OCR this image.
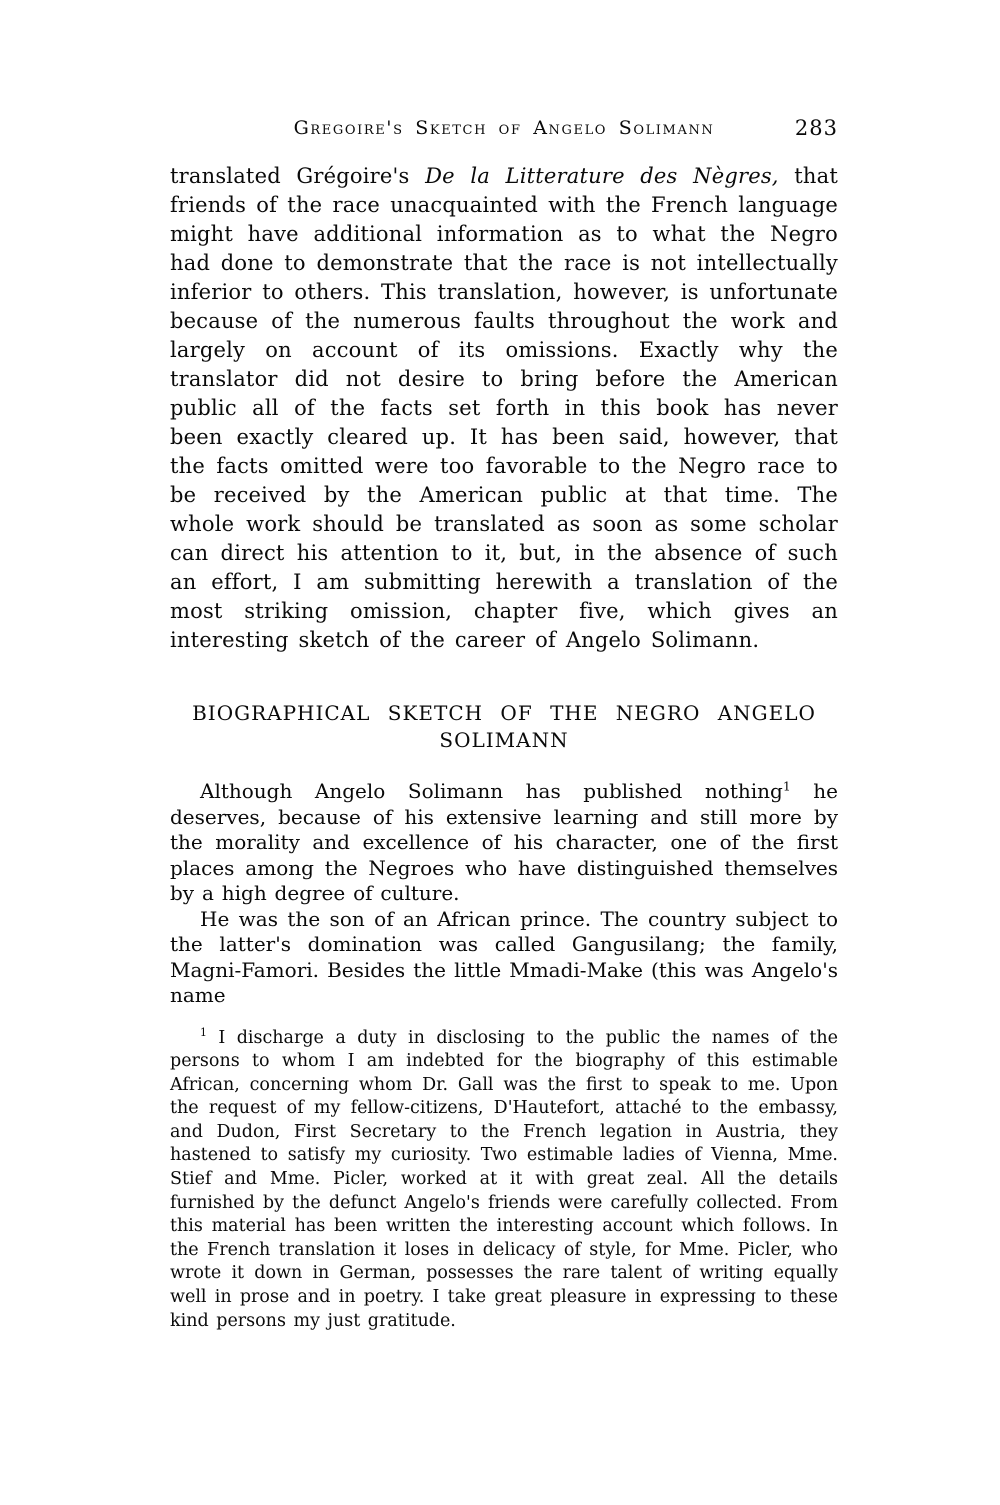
Gregoire's Sketch of Angelo Solimann	283

translated Grégoire's De la Litterature des Nègres, that friends of the race unacquainted with the French language might have additional information as to what the Negro had done to demonstrate that the race is not intellectually inferior to others. This translation, however, is unfortunate because of the numerous faults throughout the work and largely on account of its omissions. Exactly why the translator did not desire to bring before the American public all of the facts set forth in this book has never been exactly cleared up. It has been said, however, that the facts omitted were too favorable to the Negro race to be received by the American public at that time. The whole work should be translated as soon as some scholar can direct his attention to it, but, in the absence of such an effort, I am submitting herewith a translation of the most striking omission, chapter five, which gives an interesting sketch of the career of Angelo Solimann.

BIOGRAPHICAL SKETCH OF THE NEGRO ANGELO
SOLIMANN

Although Angelo Solimann has published nothing$^1$ he deserves, because of his extensive learning and still more by the morality and excellence of his character, one of the first places among the Negroes who have distinguished themselves by a high degree of culture.

He was the son of an African prince. The country subject to the latter's domination was called Gangusilang; the family, Magni-Famori. Besides the little Mmadi-Make (this was Angelo's name

$^1$ I discharge a duty in disclosing to the public the names of the persons to whom I am indebted for the biography of this estimable African, concerning whom Dr. Gall was the first to speak to me. Upon the request of my fellow-citizens, D'Hautefort, attaché to the embassy, and Dudon, First Secretary to the French legation in Austria, they hastened to satisfy my curiosity. Two estimable ladies of Vienna, Mme. Stief and Mme. Picler, worked at it with great zeal. All the details furnished by the defunct Angelo's friends were carefully collected. From this material has been written the interesting account which follows. In the French translation it loses in delicacy of style, for Mme. Picler, who wrote it down in German, possesses the rare talent of writing equally well in prose and in poetry. I take great pleasure in expressing to these kind persons my just gratitude.
